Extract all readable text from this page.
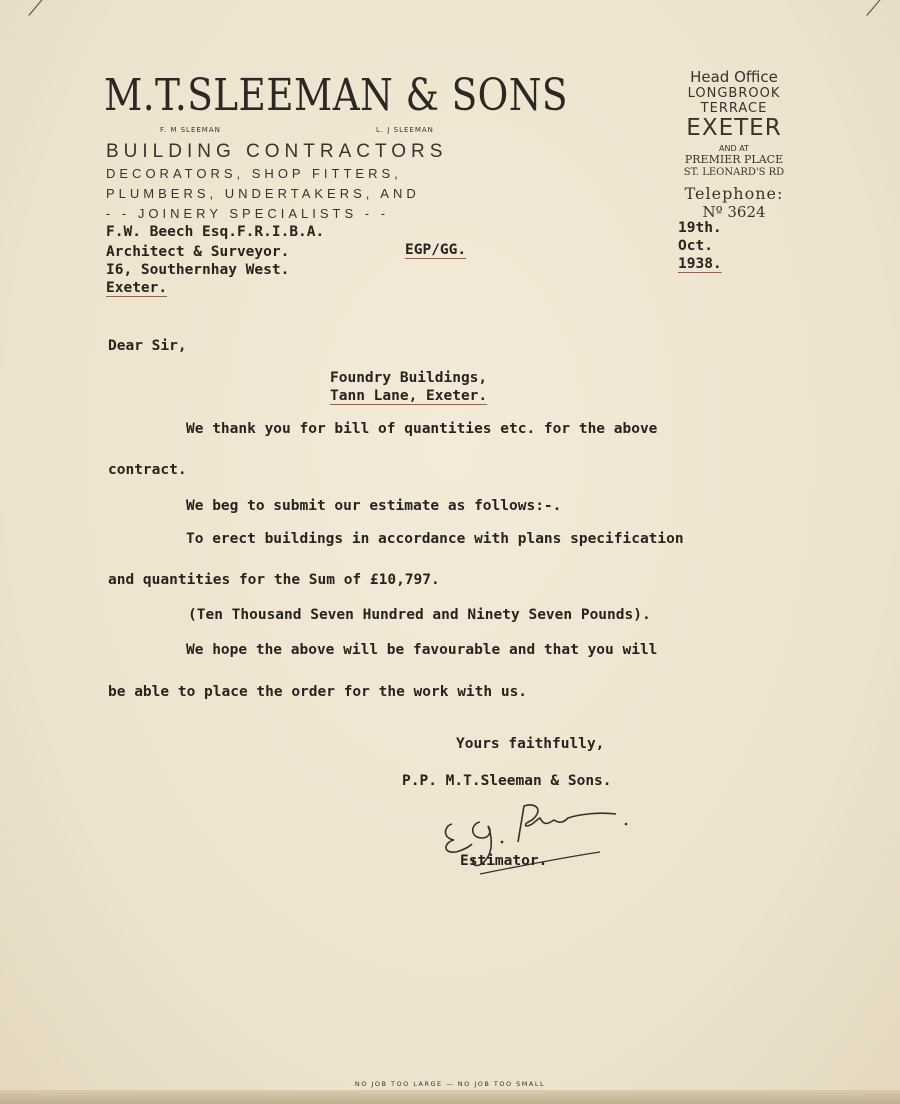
⟋	⟋
M.T.SLEEMAN & SONS
F. M SLEEMAN	L. J SLEEMAN
BUILDING CONTRACTORS
DECORATORS, SHOP FITTERS,
PLUMBERS, UNDERTAKERS, AND
- - JOINERY SPECIALISTS - -
Head Office
LONGBROOK
TERRACE
EXETER
AND AT
PREMIER PLACE
ST. LEONARD'S RD
Telephone:
Nº 3624
F.W. Beech Esq.F.R.I.B.A.
Architect & Surveyor.
I6, Southernhay West.
Exeter.
EGP/GG.
19th.
Oct.
1938.
Dear Sir,
Foundry Buildings,
Tann Lane, Exeter.
We thank you for bill of quantities etc. for the above
contract.
We beg to submit our estimate as follows:-.
To erect buildings in accordance with plans specification
and quantities for the Sum of £10,797.
(Ten Thousand Seven Hundred and Ninety Seven Pounds).
We hope the above will be favourable and that you will
be able to place the order for the work with us.
Yours faithfully,
P.P. M.T.Sleeman & Sons.
Estimator.
NO JOB TOO LARGE — NO JOB TOO SMALL
